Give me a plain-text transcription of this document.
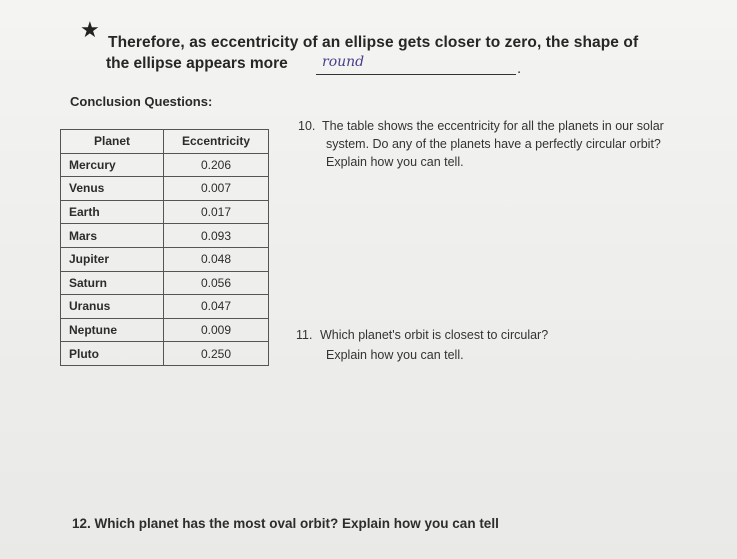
★ Therefore, as eccentricity of an ellipse gets closer to zero, the shape of
the ellipse appears more round	.
Conclusion Questions:
Planet	Eccentricity
Mercury	0.206
Venus	0.007
Earth	0.017
Mars	0.093
Jupiter	0.048
Saturn	0.056
Uranus	0.047
Neptune	0.009
Pluto	0.250
10. The table shows the eccentricity for all the planets in our solar
system. Do any of the planets have a perfectly circular orbit?
Explain how you can tell.
11. Which planet's orbit is closest to circular?
Explain how you can tell.
12. Which planet has the most oval orbit? Explain how you can tell
